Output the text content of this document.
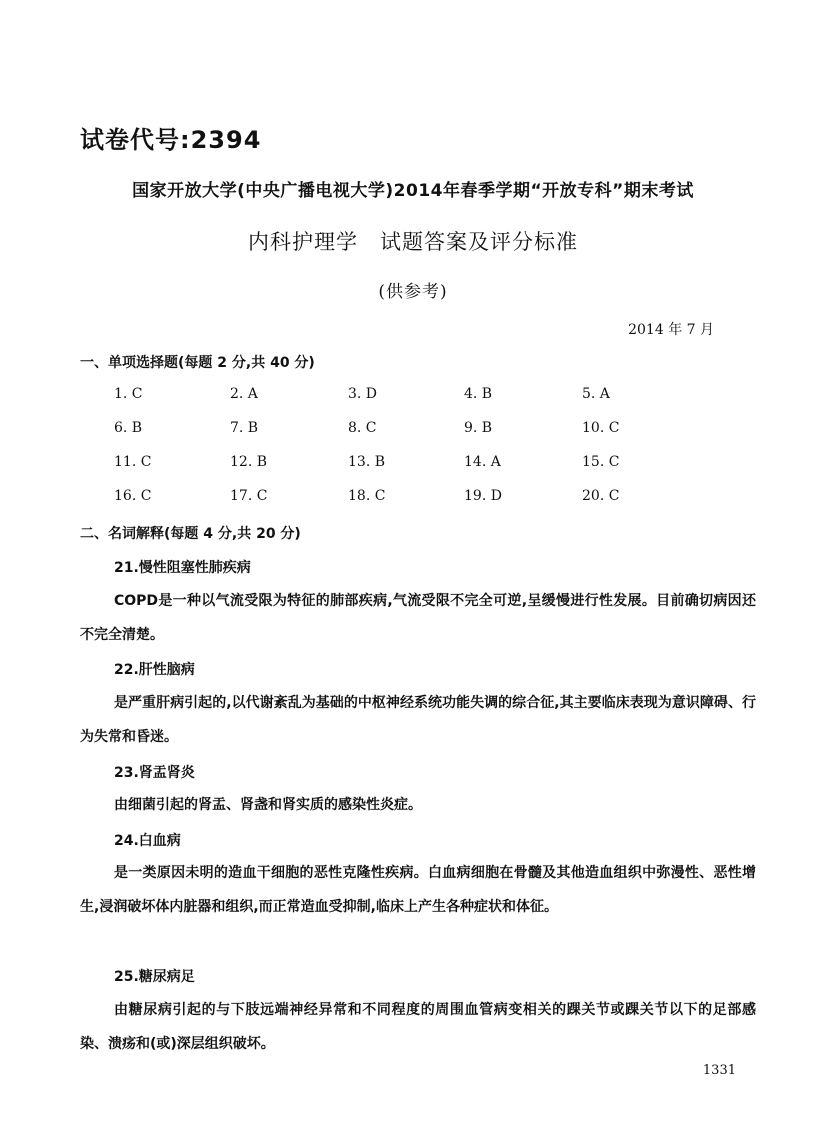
试卷代号:2394
国家开放大学(中央广播电视大学)2014年春季学期“开放专科”期末考试
内科护理学　试题答案及评分标准
(供参考)
2014 年 7 月
一、单项选择题(每题 2 分,共 40 分)
1. C	2. A	3. D	4. B	5. A
6. B	7. B	8. C	9. B	10. C
11. C	12. B	13. B	14. A	15. C
16. C	17. C	18. C	19. D	20. C
二、名词解释(每题 4 分,共 20 分)
21.慢性阻塞性肺疾病
COPD是一种以气流受限为特征的肺部疾病,气流受限不完全可逆,呈缓慢进行性发展。目前确切病因还不完全清楚。
22.肝性脑病
是严重肝病引起的,以代谢紊乱为基础的中枢神经系统功能失调的综合征,其主要临床表现为意识障碍、行为失常和昏迷。
23.肾盂肾炎
由细菌引起的肾盂、肾盏和肾实质的感染性炎症。
24.白血病
是一类原因未明的造血干细胞的恶性克隆性疾病。白血病细胞在骨髓及其他造血组织中弥漫性、恶性增生,浸润破坏体内脏器和组织,而正常造血受抑制,临床上产生各种症状和体征。
25.糖尿病足
由糖尿病引起的与下肢远端神经异常和不同程度的周围血管病变相关的踝关节或踝关节以下的足部感染、溃疡和(或)深层组织破坏。
1331
